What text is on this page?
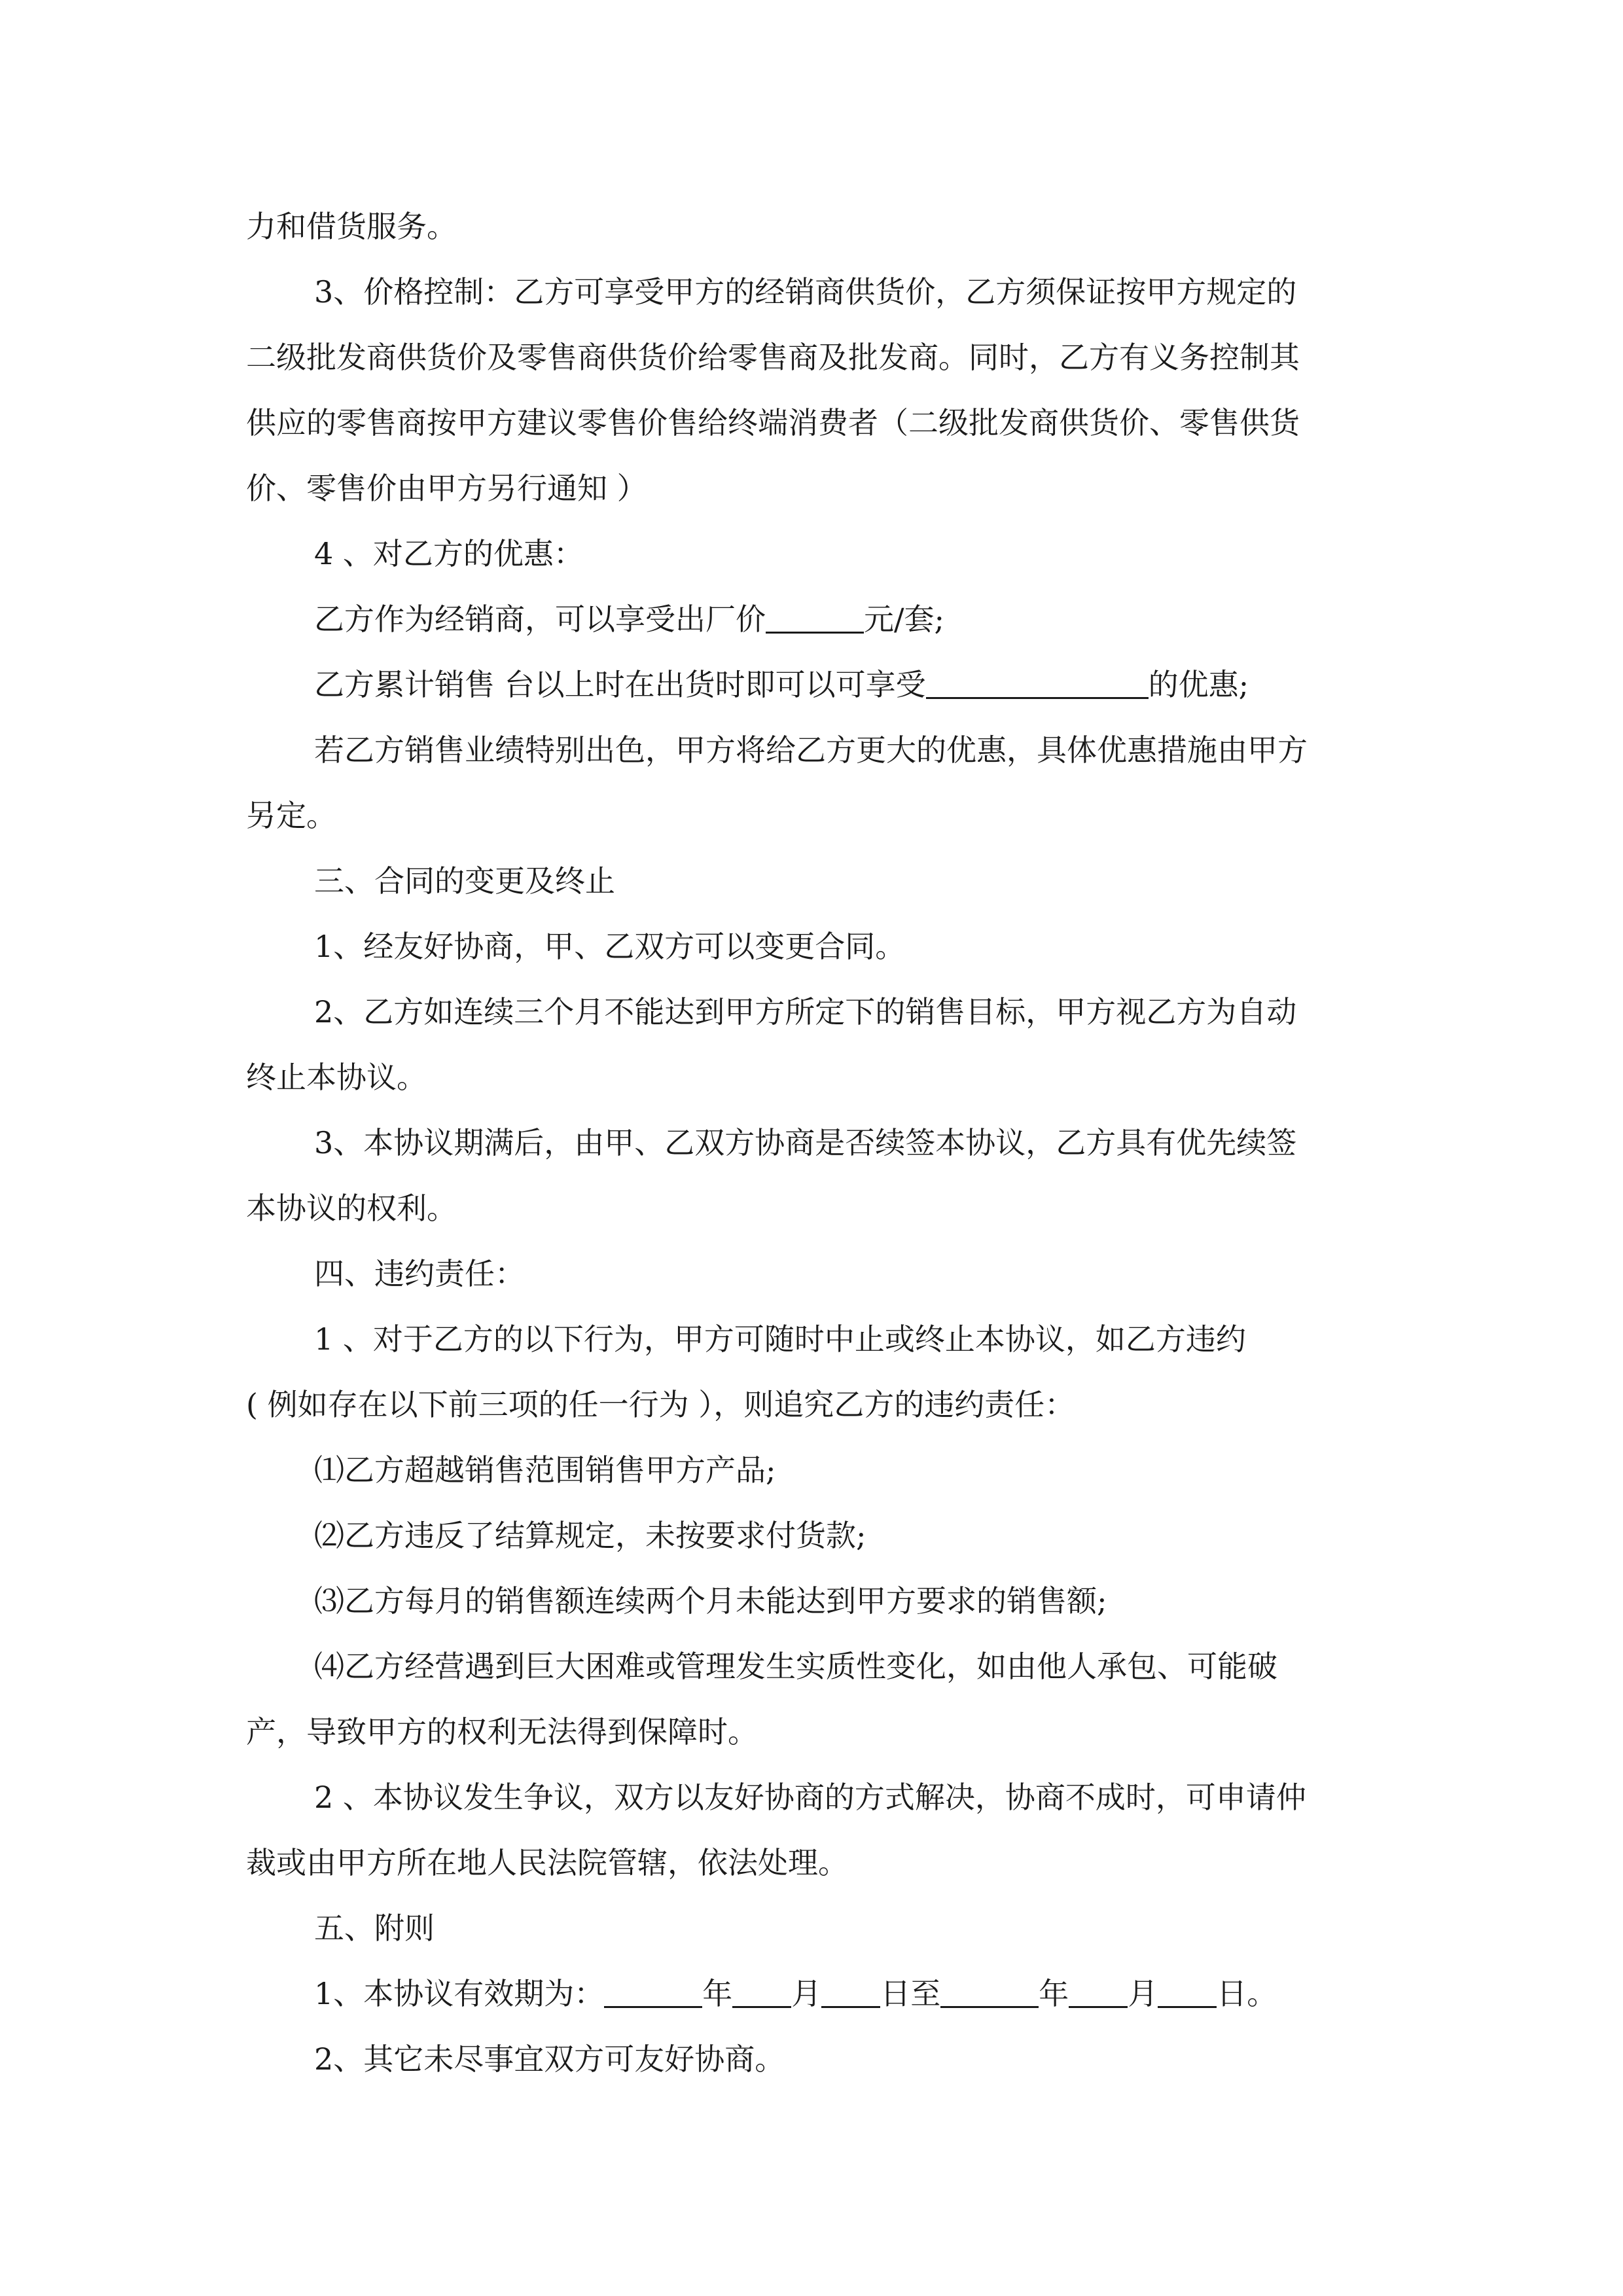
力和借货服务。
3、价格控制：乙方可享受甲方的经销商供货价，乙方须保证按甲方规定的
二级批发商供货价及零售商供货价给零售商及批发商。同时，乙方有义务控制其
供应的零售商按甲方建议零售价售给终端消费者（二级批发商供货价、零售供货
价、零售价由甲方另行通知 ）
4 、对乙方的优惠：
乙方作为经销商，可以享受出厂价	元/套;
乙方累计销售 台以上时在出货时即可以可享受	的优惠;
若乙方销售业绩特别出色，甲方将给乙方更大的优惠，具体优惠措施由甲方
另定。
三、合同的变更及终止
1、经友好协商，甲、乙双方可以变更合同。
2、乙方如连续三个月不能达到甲方所定下的销售目标，甲方视乙方为自动
终止本协议。
3、本协议期满后，由甲、乙双方协商是否续签本协议，乙方具有优先续签
本协议的权利。
四、违约责任：
1 、对于乙方的以下行为，甲方可随时中止或终止本协议，如乙方违约
( 例如存在以下前三项的任一行为 ），则追究乙方的违约责任：
⑴乙方超越销售范围销售甲方产品;
⑵乙方违反了结算规定，未按要求付货款;
⑶乙方每月的销售额连续两个月未能达到甲方要求的销售额;
⑷乙方经营遇到巨大困难或管理发生实质性变化，如由他人承包、可能破
产，导致甲方的权利无法得到保障时。
2 、本协议发生争议，双方以友好协商的方式解决，协商不成时，可申请仲
裁或由甲方所在地人民法院管辖，依法处理。
五、附则
1、本协议有效期为：	年 月 日至	年 月 日。
2、其它未尽事宜双方可友好协商。
